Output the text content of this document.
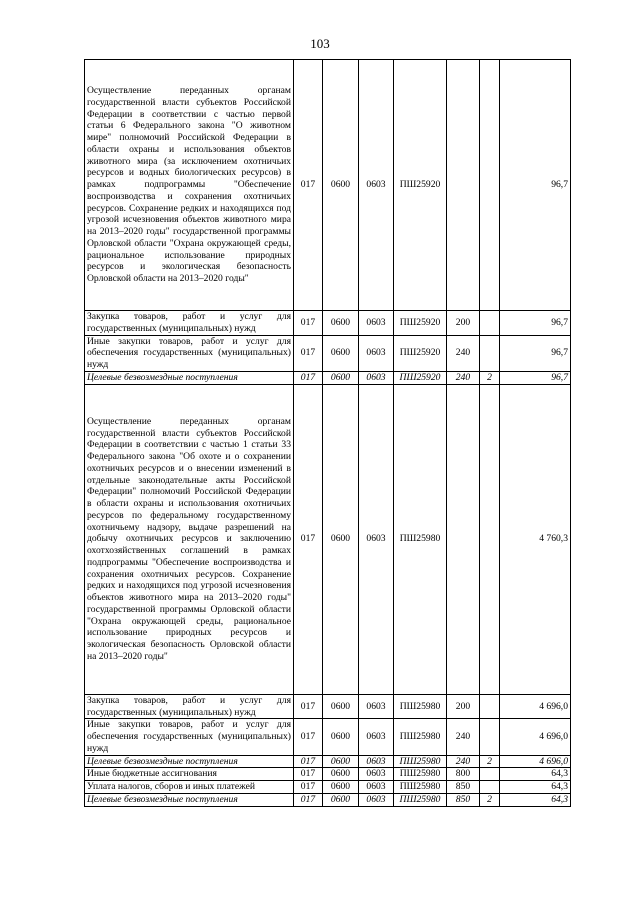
103
Осуществление переданных органам государственной власти субъектов Российской Федерации в соответствии с частью первой статьи 6 Федерального закона "О животном мире" полномочий Российской Федерации в области охраны и использования объектов животного мира (за исключением охотничьих ресурсов и водных биологических ресурсов) в рамках подпрограммы "Обеспечение воспроизводства и сохранения охотничьих ресурсов. Сохранение редких и находящихся под угрозой исчезновения объектов животного мира на 2013–2020 годы" государственной программы Орловской области "Охрана окружающей среды, рациональное использование природных ресурсов и экологическая безопасность Орловской области на 2013–2020 годы"	017	0600	0603	ПШ25920			96,7
Закупка товаров, работ и услуг для государственных (муниципальных) нужд	017	0600	0603	ПШ25920	200		96,7
Иные закупки товаров, работ и услуг для обеспечения государственных (муниципальных) нужд	017	0600	0603	ПШ25920	240		96,7
Целевые безвозмездные поступления	017	0600	0603	ПШ25920	240	2	96,7
Осуществление переданных органам государственной власти субъектов Российской Федерации в соответствии с частью 1 статьи 33 Федерального закона "Об охоте и о сохранении охотничьих ресурсов и о внесении изменений в отдельные законодательные акты Российской Федерации" полномочий Российской Федерации в области охраны и использования охотничьих ресурсов по федеральному государственному охотничьему надзору, выдаче разрешений на добычу охотничьих ресурсов и заключению охотхозяйственных соглашений в рамках подпрограммы "Обеспечение воспроизводства и сохранения охотничьих ресурсов. Сохранение редких и находящихся под угрозой исчезновения объектов животного мира на 2013–2020 годы" государственной программы Орловской области "Охрана окружающей среды, рациональное использование природных ресурсов и экологическая безопасность Орловской области на 2013–2020 годы"	017	0600	0603	ПШ25980			4 760,3
Закупка товаров, работ и услуг для государственных (муниципальных) нужд	017	0600	0603	ПШ25980	200		4 696,0
Иные закупки товаров, работ и услуг для обеспечения государственных (муниципальных) нужд	017	0600	0603	ПШ25980	240		4 696,0
Целевые безвозмездные поступления	017	0600	0603	ПШ25980	240	2	4 696,0
Иные бюджетные ассигнования	017	0600	0603	ПШ25980	800		64,3
Уплата налогов, сборов и иных платежей	017	0600	0603	ПШ25980	850		64,3
Целевые безвозмездные поступления	017	0600	0603	ПШ25980	850	2	64,3
